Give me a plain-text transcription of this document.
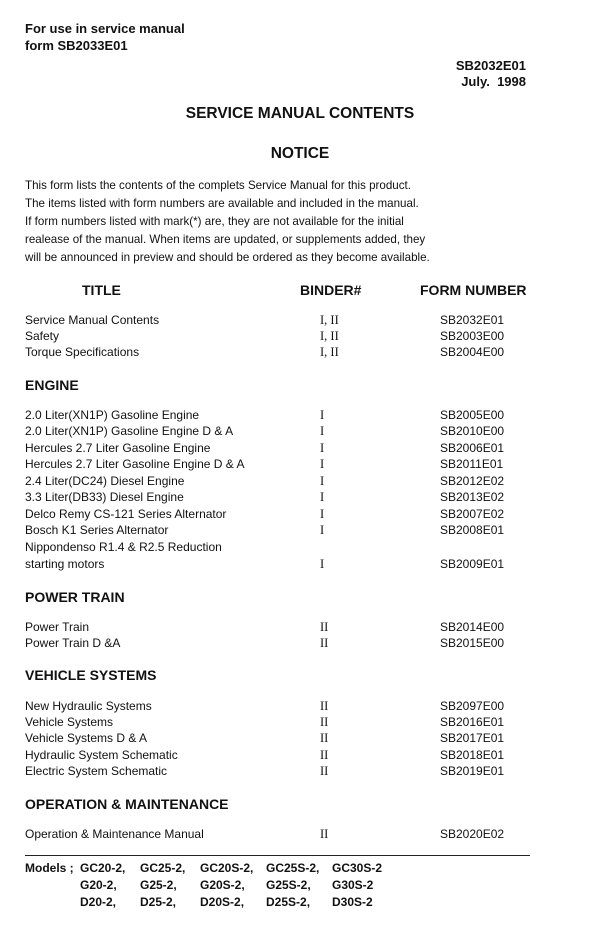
For use in service manual
form SB2033E01
SB2032E01
July.  1998
SERVICE MANUAL CONTENTS
NOTICE
This form lists the contents of the complets Service Manual for this product.
The items listed with form numbers are available and included in the manual.
If form numbers listed with mark(*) are, they are not available for the initial
realease of the manual. When items are updated, or supplements added, they
will be announced in preview and should be ordered as they become available.
TITLE	BINDER#	FORM NUMBER
Service Manual Contents	I, II	SB2032E01
Safety	I, II	SB2003E00
Torque Specifications	I, II	SB2004E00
ENGINE
2.0 Liter(XN1P) Gasoline Engine	I	SB2005E00
2.0 Liter(XN1P) Gasoline Engine D & A	I	SB2010E00
Hercules 2.7 Liter Gasoline Engine	I	SB2006E01
Hercules 2.7 Liter Gasoline Engine D & A	I	SB2011E01
2.4 Liter(DC24) Diesel Engine	I	SB2012E02
3.3 Liter(DB33) Diesel Engine	I	SB2013E02
Delco Remy CS-121 Series Alternator	I	SB2007E02
Bosch K1 Series Alternator	I	SB2008E01
Nippondenso R1.4 & R2.5 Reduction
starting motors	I	SB2009E01
POWER TRAIN
Power Train	II	SB2014E00
Power Train D &A	II	SB2015E00
VEHICLE SYSTEMS
New Hydraulic Systems	II	SB2097E00
Vehicle Systems	II	SB2016E01
Vehicle Systems D & A	II	SB2017E01
Hydraulic System Schematic	II	SB2018E01
Electric System Schematic	II	SB2019E01
OPERATION & MAINTENANCE
Operation & Maintenance Manual	II	SB2020E02
Models ; GC20-2, GC25-2, GC20S-2, GC25S-2, GC30S-2
G20-2, G25-2, G20S-2, G25S-2, G30S-2
D20-2, D25-2, D20S-2, D25S-2, D30S-2
